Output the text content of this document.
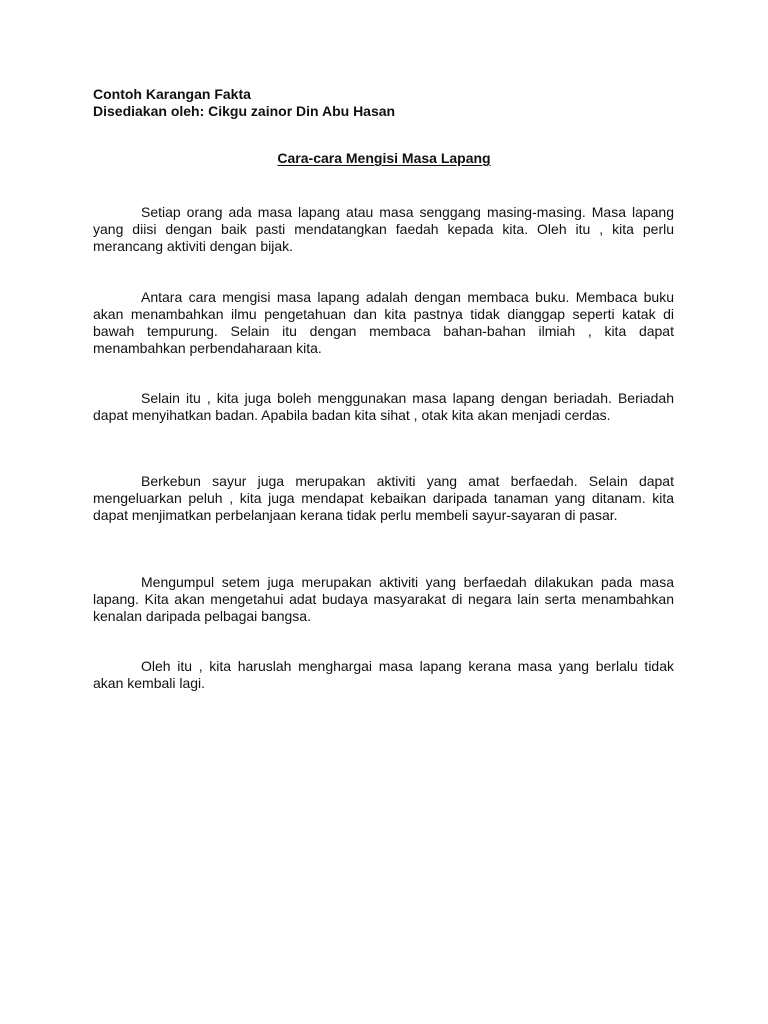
Contoh Karangan Fakta
Disediakan oleh: Cikgu zainor Din Abu Hasan
Cara-cara Mengisi Masa Lapang

Setiap orang ada masa lapang atau masa senggang masing-masing. Masa lapang yang diisi dengan baik pasti mendatangkan faedah kepada kita. Oleh itu , kita perlu merancang aktiviti dengan bijak.

Antara cara mengisi masa lapang adalah dengan membaca buku. Membaca buku akan menambahkan ilmu pengetahuan dan kita pastnya tidak dianggap seperti katak di bawah tempurung. Selain itu dengan membaca bahan-bahan ilmiah , kita dapat menambahkan perbendaharaan kita.

Selain itu , kita juga boleh menggunakan masa lapang dengan beriadah. Beriadah dapat menyihatkan badan. Apabila badan kita sihat , otak kita akan menjadi cerdas.

Berkebun sayur juga merupakan aktiviti yang amat berfaedah. Selain dapat mengeluarkan peluh , kita juga mendapat kebaikan daripada tanaman yang ditanam. kita dapat menjimatkan perbelanjaan kerana tidak perlu membeli sayur-sayaran di pasar.

Mengumpul setem juga merupakan aktiviti yang berfaedah dilakukan pada masa lapang. Kita akan mengetahui adat budaya masyarakat di negara lain serta menambahkan kenalan daripada pelbagai bangsa.

Oleh itu , kita haruslah menghargai masa lapang kerana masa yang berlalu tidak akan kembali lagi.
